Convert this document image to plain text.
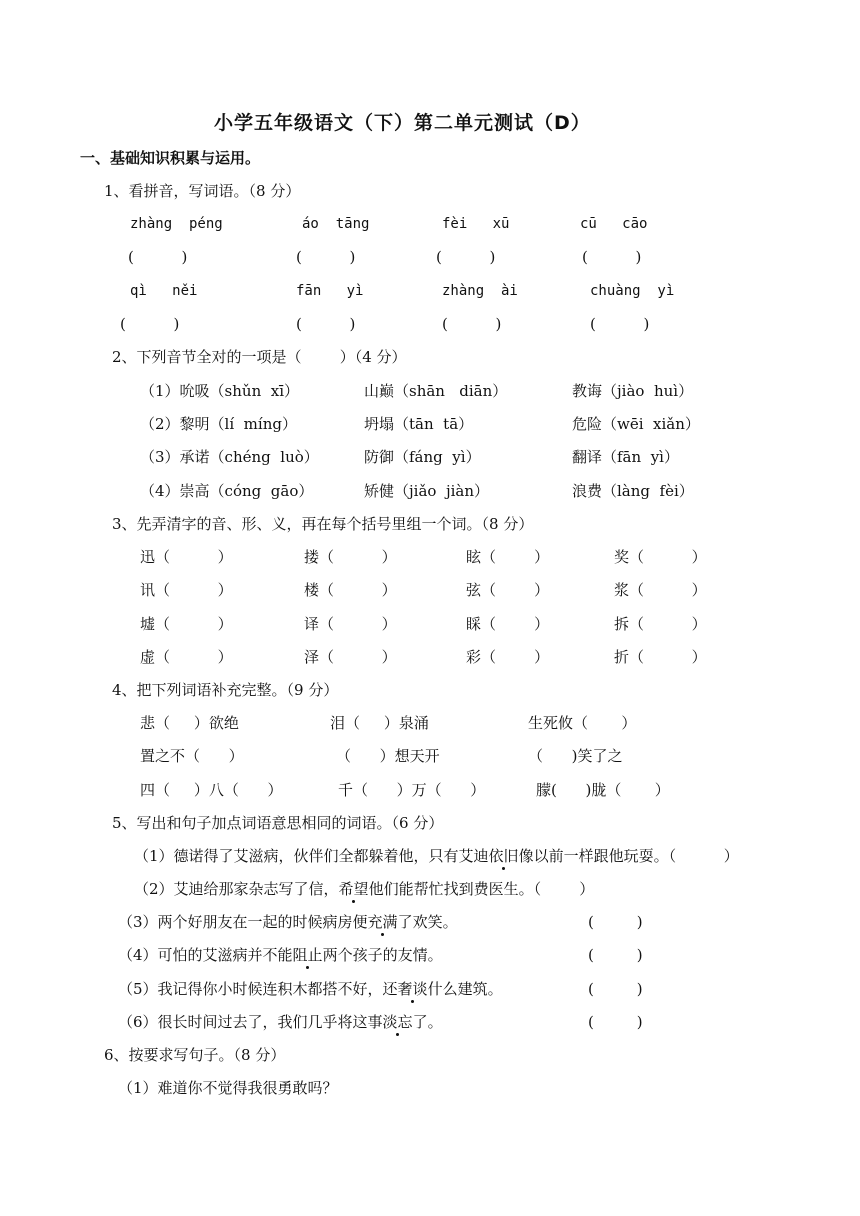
小学五年级语文（下）第二单元测试（D）
一、基础知识积累与运用。
1、看拼音，写词语。（8 分）
zhàng  péng	áo  tāng	fèi   xū	cū   cāo
(          )	(          )	(          )	(          )
qì   něi	fān   yì	zhàng  ài	chuàng  yì
(          )	(          )	(          )	(          )
2、下列音节全对的一项是（        ）（4 分）
（1）吮吸（shǔn  xī）	山巅（shān   diān）	教诲（jiào  huì）
（2）黎明（lí  míng）	坍塌（tān  tā）	危险（wēi  xiǎn）
（3）承诺（chéng  luò）	防御（fáng  yì）	翻译（fān  yì）
（4）崇高（cóng  gāo）	矫健（jiǎo  jiàn）	浪费（làng  fèi）
3、先弄清字的音、形、义，再在每个括号里组一个词。（8 分）
迅（          ）	搂（          ）	眩（        ）	奖（          ）
讯（          ）	楼（          ）	弦（        ）	浆（          ）
墟（          ）	译（          ）	睬（        ）	拆（          ）
虚（          ）	泽（          ）	彩（        ）	折（          ）
4、把下列词语补充完整。（9 分）
悲（     ）欲绝	泪（     ）泉涌	生死攸（       ）
置之不（      ）	（      ）想天开	（      )笑了之
四（     ）八（      ）	千（      ）万（      ）	朦(      )胧（       ）
5、写出和句子加点词语意思相同的词语。（6 分）
（1）德诺得了艾滋病，伙伴们全都躲着他，只有艾迪依旧像以前一样跟他玩耍。（          ）
（2）艾迪给那家杂志写了信，希望他们能帮忙找到费医生。（        ）
（3）两个好朋友在一起的时候病房便充满了欢笑。	(         )
（4）可怕的艾滋病并不能阻止两个孩子的友情。	(         )
（5）我记得你小时候连积木都搭不好，还奢谈什么建筑。	(         )
（6）很长时间过去了，我们几乎将这事淡忘了。	(         )
6、按要求写句子。（8 分）
（1）难道你不觉得我很勇敢吗？
